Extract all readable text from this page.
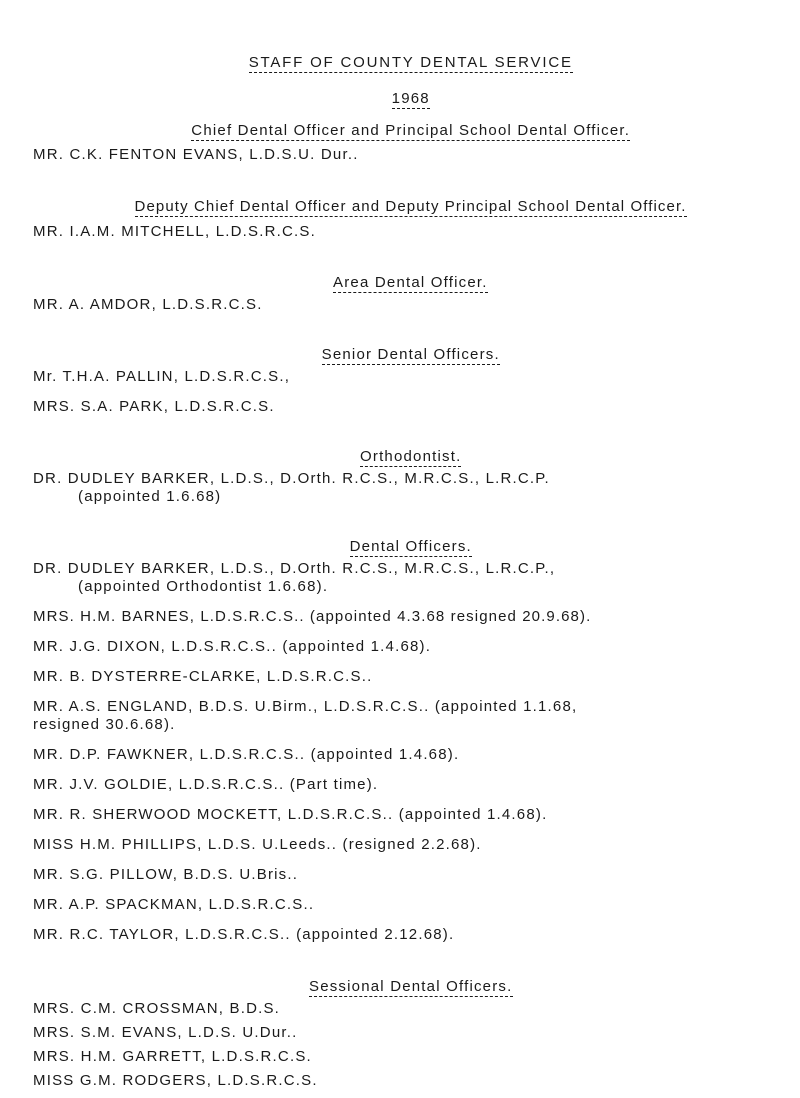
STAFF OF COUNTY DENTAL SERVICE

1968

Chief Dental Officer and Principal School Dental Officer.

MR. C.K. FENTON EVANS, L.D.S.U. Dur..

Deputy Chief Dental Officer and Deputy Principal School Dental Officer.

MR. I.A.M. MITCHELL, L.D.S.R.C.S.

Area Dental Officer.

MR. A. AMDOR, L.D.S.R.C.S.

Senior Dental Officers.

Mr. T.H.A. PALLIN, L.D.S.R.C.S.,
MRS. S.A. PARK, L.D.S.R.C.S.

Orthodontist.

DR. DUDLEY BARKER, L.D.S., D.Orth. R.C.S., M.R.C.S., L.R.C.P.
(appointed 1.6.68)

Dental Officers.

DR. DUDLEY BARKER, L.D.S., D.Orth. R.C.S., M.R.C.S., L.R.C.P.,
(appointed Orthodontist 1.6.68).
MRS. H.M. BARNES, L.D.S.R.C.S.. (appointed 4.3.68 resigned 20.9.68).
MR. J.G. DIXON, L.D.S.R.C.S.. (appointed 1.4.68).
MR. B. DYSTERRE-CLARKE, L.D.S.R.C.S..
MR. A.S. ENGLAND, B.D.S. U.Birm., L.D.S.R.C.S.. (appointed 1.1.68,
resigned 30.6.68).
MR. D.P. FAWKNER, L.D.S.R.C.S.. (appointed 1.4.68).
MR. J.V. GOLDIE, L.D.S.R.C.S.. (Part time).
MR. R. SHERWOOD MOCKETT, L.D.S.R.C.S.. (appointed 1.4.68).
MISS H.M. PHILLIPS, L.D.S. U.Leeds.. (resigned 2.2.68).
MR. S.G. PILLOW, B.D.S. U.Bris..
MR. A.P. SPACKMAN, L.D.S.R.C.S..
MR. R.C. TAYLOR, L.D.S.R.C.S.. (appointed 2.12.68).

Sessional Dental Officers.

MRS. C.M. CROSSMAN, B.D.S.
MRS. S.M. EVANS, L.D.S. U.Dur..
MRS. H.M. GARRETT, L.D.S.R.C.S.
MISS G.M. RODGERS, L.D.S.R.C.S.
